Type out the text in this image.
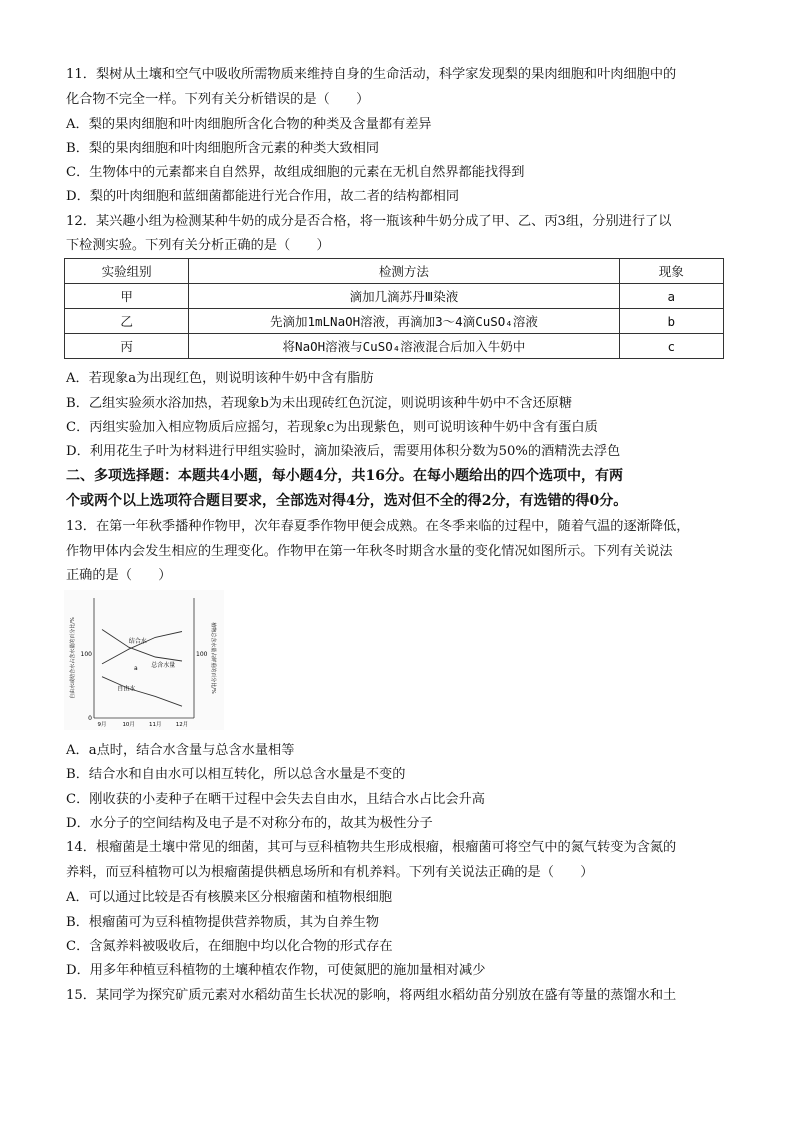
11．梨树从土壤和空气中吸收所需物质来维持自身的生命活动，科学家发现梨的果肉细胞和叶肉细胞中的
化合物不完全一样。下列有关分析错误的是（　　）
A．梨的果肉细胞和叶肉细胞所含化合物的种类及含量都有差异
B．梨的果肉细胞和叶肉细胞所含元素的种类大致相同
C．生物体中的元素都来自自然界，故组成细胞的元素在无机自然界都能找得到
D．梨的叶肉细胞和蓝细菌都能进行光合作用，故二者的结构都相同
12．某兴趣小组为检测某种牛奶的成分是否合格，将一瓶该种牛奶分成了甲、乙、丙3组，分别进行了以
下检测实验。下列有关分析正确的是（　　）
实验组别	检测方法	现象
甲	滴加几滴苏丹Ⅲ染液	a
乙	先滴加1mLNaOH溶液，再滴加3～4滴CuSO₄溶液	b
丙	将NaOH溶液与CuSO₄溶液混合后加入牛奶中	c
A．若现象a为出现红色，则说明该种牛奶中含有脂肪
B．乙组实验须水浴加热，若现象b为未出现砖红色沉淀，则说明该种牛奶中不含还原糖
C．丙组实验加入相应物质后应摇匀，若现象c为出现紫色，则可说明该种牛奶中含有蛋白质
D．利用花生子叶为材料进行甲组实验时，滴加染液后，需要用体积分数为50%的酒精洗去浮色
二、多项选择题：本题共4小题，每小题4分，共16分。在每小题给出的四个选项中，有两
个或两个以上选项符合题目要求，全部选对得4分，选对但不全的得2分，有选错的得0分。
13．在第一年秋季播种作物甲，次年春夏季作物甲便会成熟。在冬季来临的过程中，随着气温的逐渐降低，
作物甲体内会发生相应的生理变化。作物甲在第一年秋冬时期含水量的变化情况如图所示。下列有关说法
正确的是（　　）
自由水或结合水占含水量的百分比/%	植物总含水量占鲜重的百分比/%
100	100
0
结合水
总含水量
自由水
9月	10月	11月	12月
a
A．a点时，结合水含量与总含水量相等
B．结合水和自由水可以相互转化，所以总含水量是不变的
C．刚收获的小麦种子在晒干过程中会失去自由水，且结合水占比会升高
D．水分子的空间结构及电子是不对称分布的，故其为极性分子
14．根瘤菌是土壤中常见的细菌，其可与豆科植物共生形成根瘤，根瘤菌可将空气中的氮气转变为含氮的
养料，而豆科植物可以为根瘤菌提供栖息场所和有机养料。下列有关说法正确的是（　　）
A．可以通过比较是否有核膜来区分根瘤菌和植物根细胞
B．根瘤菌可为豆科植物提供营养物质，其为自养生物
C．含氮养料被吸收后，在细胞中均以化合物的形式存在
D．用多年种植豆科植物的土壤种植农作物，可使氮肥的施加量相对减少
15．某同学为探究矿质元素对水稻幼苗生长状况的影响，将两组水稻幼苗分别放在盛有等量的蒸馏水和土
